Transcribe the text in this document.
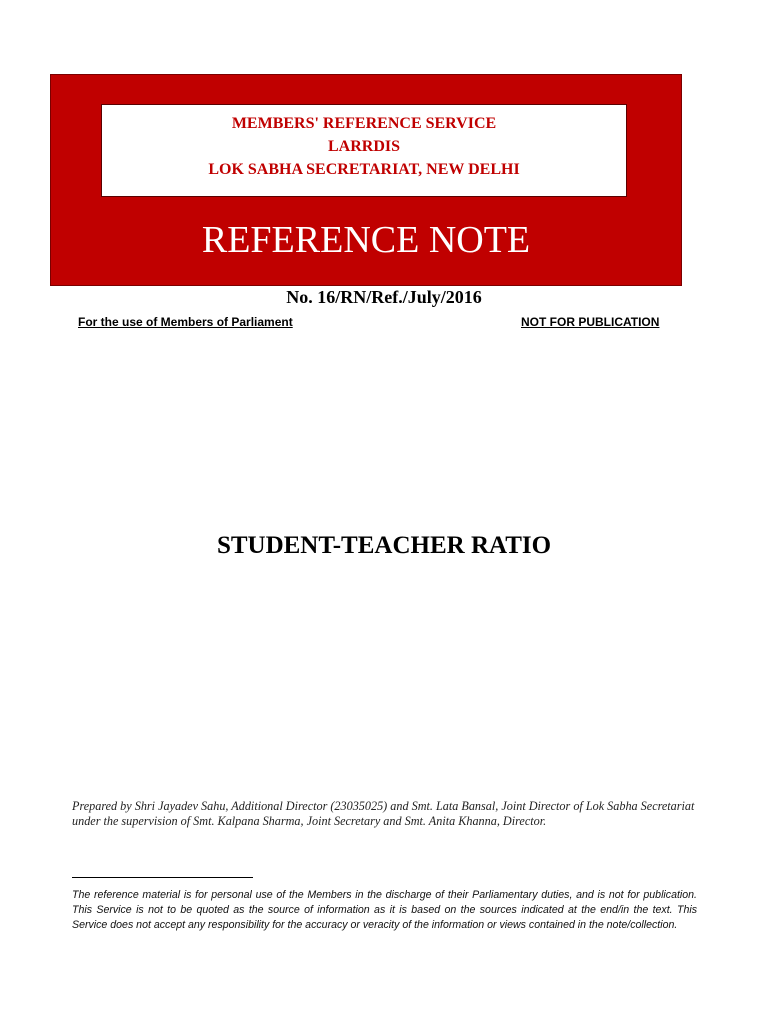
MEMBERS' REFERENCE SERVICE
LARRDIS
LOK SABHA SECRETARIAT, NEW DELHI
REFERENCE NOTE
No. 16/RN/Ref./July/2016
For the use of Members of Parliament	NOT FOR PUBLICATION
STUDENT-TEACHER RATIO
Prepared by Shri Jayadev Sahu, Additional Director (23035025) and Smt. Lata Bansal, Joint Director of Lok Sabha Secretariat under the supervision of Smt. Kalpana Sharma, Joint Secretary and Smt. Anita Khanna, Director.
The reference material is for personal use of the Members in the discharge of their Parliamentary duties, and is not for publication. This Service is not to be quoted as the source of information as it is based on the sources indicated at the end/in the text. This Service does not accept any responsibility for the accuracy or veracity of the information or views contained in the note/collection.
